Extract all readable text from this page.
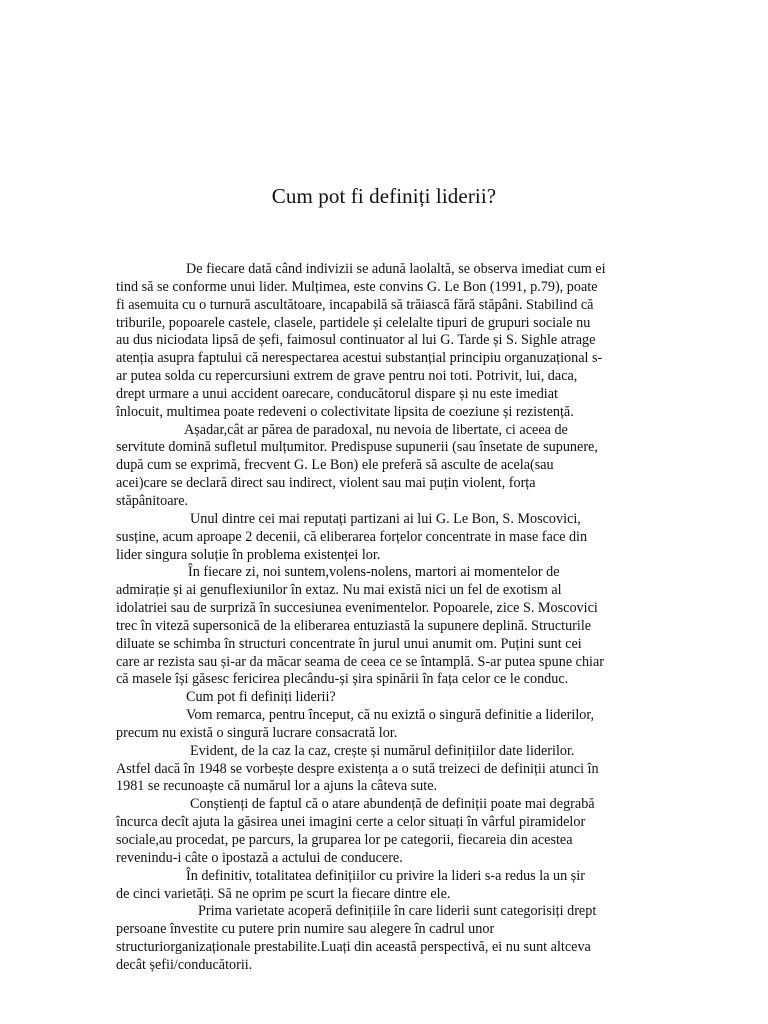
Cum pot fi definiți liderii?
De fiecare dată când indivizii se adună laolaltă, se observa imediat cum ei
tind să se conforme unui lider. Mulțimea, este convins G. Le Bon (1991, p.79), poate
fi asemuita cu o turnură ascultătoare, incapabilă să trăiască fără stăpâni. Stabilind că
triburile, popoarele castele, clasele, partidele și celelalte tipuri de grupuri sociale nu
au dus niciodata lipsă de șefi, faimosul continuator al lui G. Tarde și S. Sighle atrage
atenția asupra faptului că nerespectarea acestui substanțial principiu organuzațional s-
ar putea solda cu repercursiuni extrem de grave pentru noi toti. Potrivit, lui, daca,
drept urmare a unui accident oarecare, conducătorul dispare și nu este imediat
înlocuit, multimea poate redeveni o colectivitate lipsita de coeziune și rezistență.
Așadar,cât ar părea de paradoxal, nu nevoia de libertate, ci aceea de
servitute domină sufletul mulțumitor. Predispuse supunerii (sau însetate de supunere,
după cum se exprimă, frecvent G. Le Bon) ele preferă să asculte de acela(sau
acei)care se declară direct sau indirect, violent sau mai puțin violent, forța
stăpânitoare.
Unul dintre cei mai reputați partizani ai lui G. Le Bon, S. Moscovici,
susține, acum aproape 2 decenii, că eliberarea forțelor concentrate in mase face din
lider singura soluție în problema existenței lor.
În fiecare zi, noi suntem,volens-nolens, martori ai momentelor de
admirație și ai genuflexiunilor în extaz. Nu mai există nici un fel de exotism al
idolatriei sau de surpriză în succesiunea evenimentelor. Popoarele, zice S. Moscovici
trec în viteză supersonică de la eliberarea entuziastă la supunere deplină. Structurile
diluate se schimba în structuri concentrate în jurul unui anumit om. Puțini sunt cei
care ar rezista sau și-ar da măcar seama de ceea ce se întamplă. S-ar putea spune chiar
că masele își găsesc fericirea plecându-și șira spinării în fața celor ce le conduc.
Cum pot fi definiți liderii?
Vom remarca, pentru început, că nu exiztă o singură definitie a liderilor,
precum nu există o singură lucrare consacrată lor.
Evident, de la caz la caz, crește și numărul definițiilor date liderilor.
Astfel dacă în 1948 se vorbește despre existența a o sută treizeci de definiții atunci în
1981 se recunoaște că numărul lor a ajuns la câteva sute.
Conștienți de faptul că o atare abundență de definiții poate mai degrabă
încurca decît ajuta la găsirea unei imagini certe a celor situați în vârful piramidelor
sociale,au procedat, pe parcurs, la gruparea lor pe categorii, fiecareia din acestea
revenindu-i câte o ipostază a actului de conducere.
În definitiv, totalitatea definițiilor cu privire la lideri s-a redus la un șir
de cinci varietăți. Să ne oprim pe scurt la fiecare dintre ele.
Prima varietate acoperă definițiile în care liderii sunt categorisiți drept
persoane învestite cu putere prin numire sau alegere în cadrul unor
structuriorganizaționale prestabilite.Luați din această perspectivă, ei nu sunt altceva
decât șefii/conducătorii.
